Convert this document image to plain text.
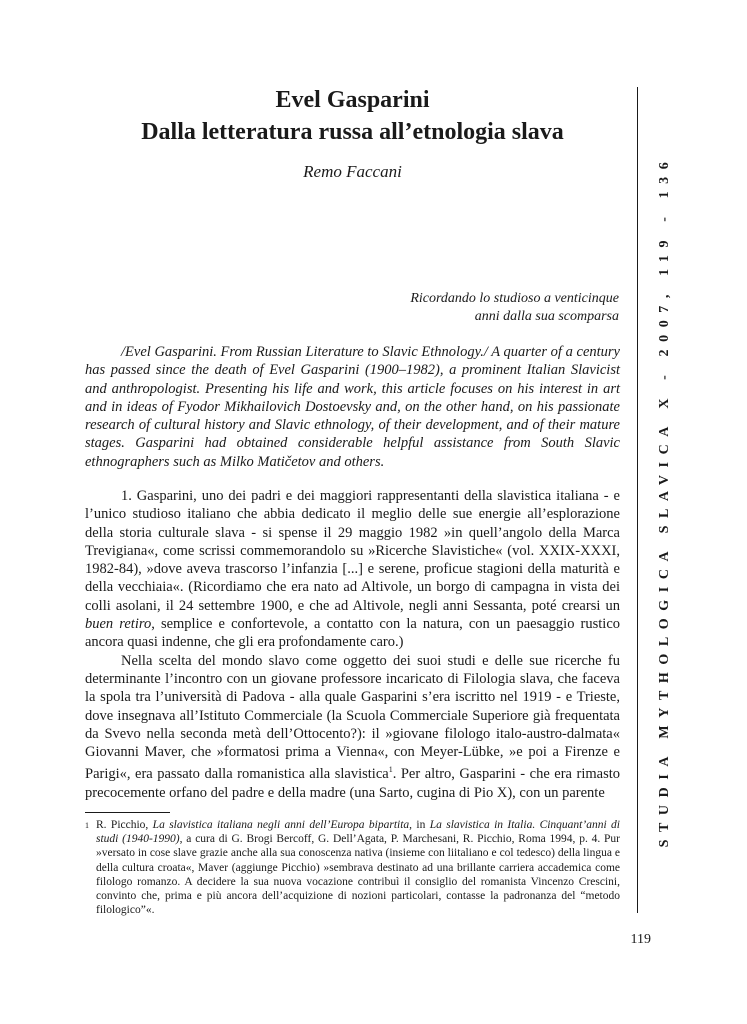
Evel Gasparini
Dalla letteratura russa all’etnologia slava
Remo Faccani
Ricordando lo studioso a venticinque
anni dalla sua scomparsa

/Evel Gasparini. From Russian Literature to Slavic Ethnology./ A quarter of a century has passed since the death of Evel Gasparini (1900–1982), a prominent Italian Slavicist and anthropologist. Presenting his life and work, this article focuses on his interest in art and in ideas of Fyodor Mikhailovich Dostoevsky and, on the other hand, on his passionate research of cultural history and Slavic ethnology, of their development, and of their mature stages. Gasparini had obtained considerable helpful assistance from South Slavic ethnographers such as Milko Matičetov and others.

1. Gasparini, uno dei padri e dei maggiori rappresentanti della slavistica italiana - e l’unico studioso italiano che abbia dedicato il meglio delle sue energie all’esplorazione della storia culturale slava - si spense il 29 maggio 1982 »in quell’angolo della Marca Trevigiana«, come scrissi commemorandolo su »Ricerche Slavistiche« (vol. XXIX-XXXI, 1982-84), »dove aveva trascorso l’infanzia [...] e serene, proficue stagioni della maturità e della vecchiaia«. (Ricordiamo che era nato ad Altivole, un borgo di campagna in vista dei colli asolani, il 24 settembre 1900, e che ad Altivole, negli anni Sessanta, poté crearsi un buen retiro, semplice e confortevole, a contatto con la natura, con un paesaggio rustico ancora quasi indenne, che gli era profondamente caro.)

Nella scelta del mondo slavo come oggetto dei suoi studi e delle sue ricerche fu determinante l’incontro con un giovane professore incaricato di Filologia slava, che faceva la spola tra l’università di Padova - alla quale Gasparini s’era iscritto nel 1919 - e Trieste, dove insegnava all’Istituto Commerciale (la Scuola Commerciale Superiore già frequentata da Svevo nella seconda metà dell’Ottocento?): il »giovane filologo italo-austro-dalmata« Giovanni Maver, che »formatosi prima a Vienna«, con Meyer-Lübke, »e poi a Firenze e Parigi«, era passato dalla romanistica alla slavistica$^1$. Per altro, Gasparini - che era rimasto precocemente orfano del padre e della madre (una Sarto, cugina di Pio X), con un parente

1 R. Picchio, La slavistica italiana negli anni dell’Europa bipartita, in La slavistica in Italia. Cinquant’anni di studi (1940-1990), a cura di G. Brogi Bercoff, G. Dell’Agata, P. Marchesani, R. Picchio, Roma 1994, p. 4. Pur »versato in cose slave grazie anche alla sua conoscenza nativa (insieme con liitaliano e col tedesco) della lingua e della cultura croata«, Maver (aggiunge Picchio) »sembrava destinato ad una brillante carriera accademica come filologo romanzo. A decidere la sua nuova vocazione contribuì il consiglio del romanista Vincenzo Crescini, convinto che, prima e più ancora dell’acquizione di nozioni particolari, contasse la padronanza del “metodo filologico”«.
119
STUDIA MYTHOLOGICA SLAVICA X - 2007, 119 - 136
